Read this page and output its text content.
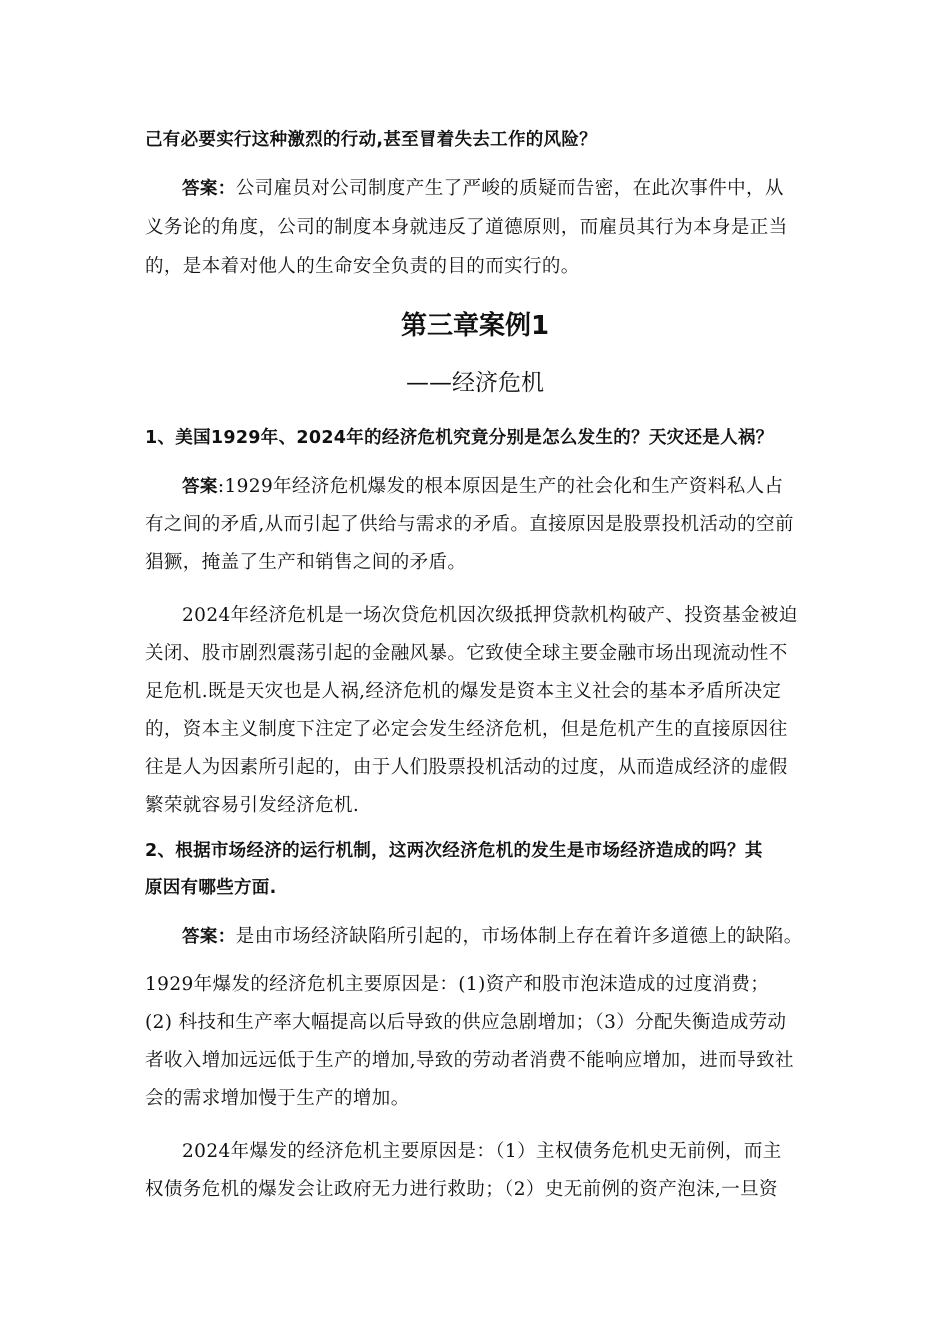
己有必要实行这种激烈的行动,甚至冒着失去工作的风险？
答案：公司雇员对公司制度产生了严峻的质疑而告密，在此次事件中，从
义务论的角度，公司的制度本身就违反了道德原则，而雇员其行为本身是正当
的，是本着对他人的生命安全负责的目的而实行的。
第三章案例1
——经济危机
1、美国1929年、2024年的经济危机究竟分别是怎么发生的？天灾还是人祸？
答案:1929年经济危机爆发的根本原因是生产的社会化和生产资料私人占
有之间的矛盾,从而引起了供给与需求的矛盾。直接原因是股票投机活动的空前
猖獗，掩盖了生产和销售之间的矛盾。
2024年经济危机是一场次贷危机因次级抵押贷款机构破产、投资基金被迫
关闭、股市剧烈震荡引起的金融风暴。它致使全球主要金融市场出现流动性不
足危机.既是天灾也是人祸,经济危机的爆发是资本主义社会的基本矛盾所决定
的，资本主义制度下注定了必定会发生经济危机，但是危机产生的直接原因往
往是人为因素所引起的，由于人们股票投机活动的过度，从而造成经济的虚假
繁荣就容易引发经济危机.
2、根据市场经济的运行机制，这两次经济危机的发生是市场经济造成的吗？其
原因有哪些方面.
答案：是由市场经济缺陷所引起的，市场体制上存在着许多道德上的缺陷。
1929年爆发的经济危机主要原因是：(1)资产和股市泡沫造成的过度消费；
(2) 科技和生产率大幅提高以后导致的供应急剧增加；（3）分配失衡造成劳动
者收入增加远远低于生产的增加,导致的劳动者消费不能响应增加，进而导致社
会的需求增加慢于生产的增加。
2024年爆发的经济危机主要原因是：（1）主权债务危机史无前例，而主
权债务危机的爆发会让政府无力进行救助；（2）史无前例的资产泡沫,一旦资
